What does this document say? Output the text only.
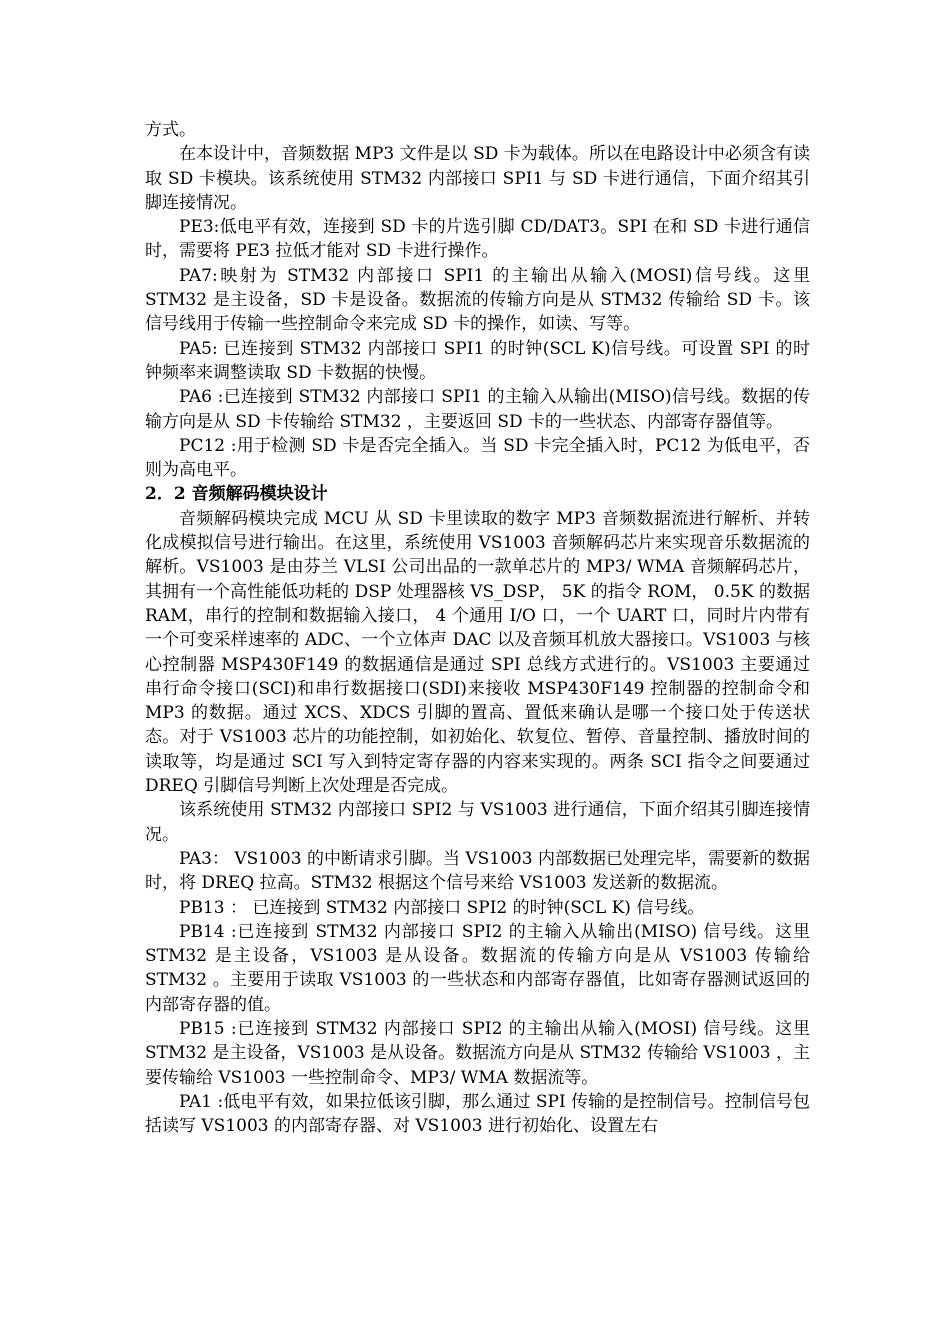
方式。

在本设计中，音频数据 MP3 文件是以 SD 卡为载体。所以在电路设计中必须含有读取 SD 卡模块。该系统使用 STM32 内部接口 SPI1 与 SD 卡进行通信，下面介绍其引脚连接情况。

PE3:低电平有效，连接到 SD 卡的片选引脚 CD/DAT3。SPI 在和 SD 卡进行通信时，需要将 PE3 拉低才能对 SD 卡进行操作。

PA7:映射为 STM32 内部接口 SPI1 的主输出从输入(MOSI)信号线。这里 STM32 是主设备，SD 卡是设备。数据流的传输方向是从 STM32 传输给 SD 卡。该信号线用于传输一些控制命令来完成 SD 卡的操作，如读、写等。

PA5: 已连接到 STM32 内部接口 SPI1 的时钟(SCL K)信号线。可设置 SPI 的时钟频率来调整读取 SD 卡数据的快慢。

PA6 :已连接到 STM32 内部接口 SPI1 的主输入从输出(MISO)信号线。数据的传输方向是从 SD 卡传输给 STM32 ，主要返回 SD 卡的一些状态、内部寄存器值等。

PC12 :用于检测 SD 卡是否完全插入。当 SD 卡完全插入时，PC12 为低电平，否则为高电平。

2．2 音频解码模块设计

音频解码模块完成 MCU 从 SD 卡里读取的数字 MP3 音频数据流进行解析、并转化成模拟信号进行输出。在这里，系统使用 VS1003 音频解码芯片来实现音乐数据流的解析。VS1003 是由芬兰 VLSI 公司出品的一款单芯片的 MP3/ WMA 音频解码芯片，其拥有一个高性能低功耗的 DSP 处理器核 VS_DSP， 5K 的指令 ROM， 0.5K 的数据 RAM，串行的控制和数据输入接口， 4 个通用 I/O 口，一个 UART 口，同时片内带有一个可变采样速率的 ADC、一个立体声 DAC 以及音频耳机放大器接口。VS1003 与核心控制器 MSP430F149 的数据通信是通过 SPI 总线方式进行的。VS1003 主要通过串行命令接口(SCI)和串行数据接口(SDI)来接收 MSP430F149 控制器的控制命令和 MP3 的数据。通过 XCS、XDCS 引脚的置高、置低来确认是哪一个接口处于传送状态。对于 VS1003 芯片的功能控制，如初始化、软复位、暂停、音量控制、播放时间的读取等，均是通过 SCI 写入到特定寄存器的内容来实现的。两条 SCI 指令之间要通过 DREQ 引脚信号判断上次处理是否完成。

该系统使用 STM32 内部接口 SPI2 与 VS1003 进行通信，下面介绍其引脚连接情况。

PA3： VS1003 的中断请求引脚。当 VS1003 内部数据已处理完毕，需要新的数据时，将 DREQ 拉高。STM32 根据这个信号来给 VS1003 发送新的数据流。

PB13 ： 已连接到 STM32 内部接口 SPI2 的时钟(SCL K) 信号线。

PB14 :已连接到 STM32 内部接口 SPI2 的主输入从输出(MISO) 信号线。这里 STM32 是主设备，VS1003 是从设备。数据流的传输方向是从 VS1003 传输给 STM32 。主要用于读取 VS1003 的一些状态和内部寄存器值，比如寄存器测试返回的内部寄存器的值。

PB15 :已连接到 STM32 内部接口 SPI2 的主输出从输入(MOSI) 信号线。这里 STM32 是主设备，VS1003 是从设备。数据流方向是从 STM32 传输给 VS1003 ，主要传输给 VS1003 一些控制命令、MP3/ WMA 数据流等。

PA1 :低电平有效，如果拉低该引脚，那么通过 SPI 传输的是控制信号。控制信号包括读写 VS1003 的内部寄存器、对 VS1003 进行初始化、设置左右
